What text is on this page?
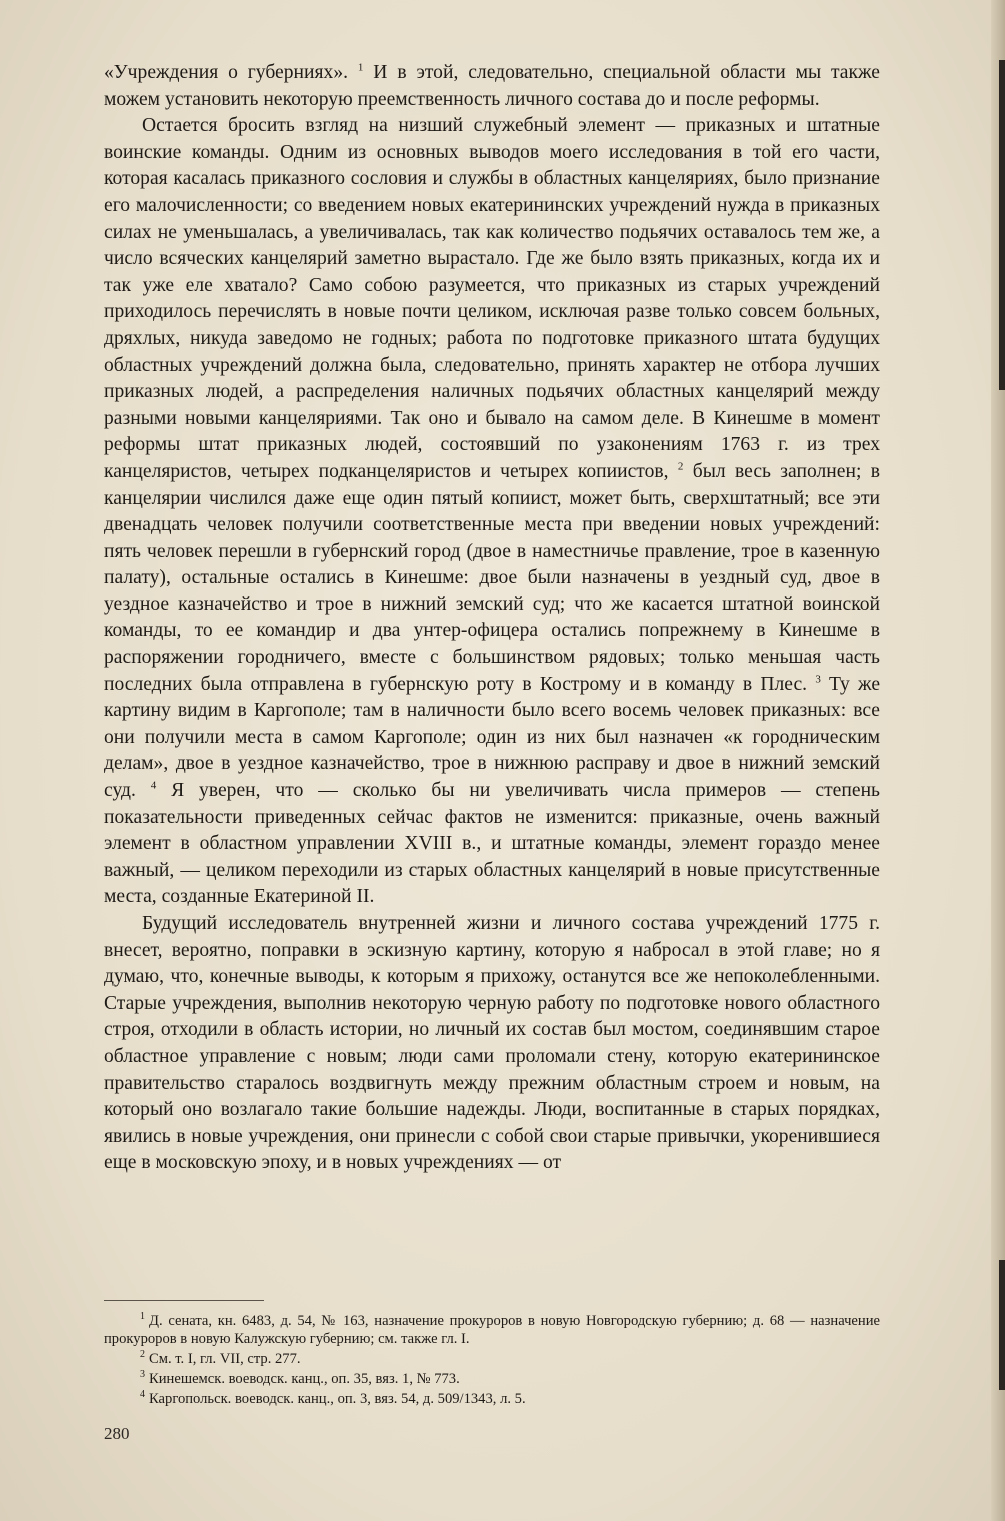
«Учреждения о губерниях». $^1$ И в этой, следовательно, специальной области мы также можем установить некоторую преемственность личного состава до и после реформы.

Остается бросить взгляд на низший служебный элемент — приказных и штатные воинские команды. Одним из основных выводов моего исследования в той его части, которая касалась приказного сословия и службы в областных канцеляриях, было признание его малочисленности; со введением новых екатерининских учреждений нужда в приказных силах не уменьшалась, а увеличивалась, так как количество подьячих оставалось тем же, а число всяческих канцелярий заметно вырастало. Где же было взять приказных, когда их и так уже еле хватало? Само собою разумеется, что приказных из старых учреждений приходилось перечислять в новые почти целиком, исключая разве только совсем больных, дряхлых, никуда заведомо не годных; работа по подготовке приказного штата будущих областных учреждений должна была, следовательно, принять характер не отбора лучших приказных людей, а распределения наличных подьячих областных канцелярий между разными новыми канцеляриями. Так оно и бывало на самом деле. В Кинешме в момент реформы штат приказных людей, состоявший по узаконениям 1763 г. из трех канцеляристов, четырех подканцеляристов и четырех копиистов, $^2$ был весь заполнен; в канцелярии числился даже еще один пятый копиист, может быть, сверхштатный; все эти двенадцать человек получили соответственные места при введении новых учреждений: пять человек перешли в губернский город (двое в наместничье правление, трое в казенную палату), остальные остались в Кинешме: двое были назначены в уездный суд, двое в уездное казначейство и трое в нижний земский суд; что же касается штатной воинской команды, то ее командир и два унтер-офицера остались попрежнему в Кинешме в распоряжении городничего, вместе с большинством рядовых; только меньшая часть последних была отправлена в губернскую роту в Кострому и в команду в Плес. $^3$ Ту же картину видим в Каргополе; там в наличности было всего восемь человек приказных: все они получили места в самом Каргополе; один из них был назначен «к городническим делам», двое в уездное казначейство, трое в нижнюю расправу и двое в нижний земский суд. $^4$ Я уверен, что — сколько бы ни увеличивать числа примеров — степень показательности приведенных сейчас фактов не изменится: приказные, очень важный элемент в областном управлении XVIII в., и штатные команды, элемент гораздо менее важный, — целиком переходили из старых областных канцелярий в новые присутственные места, созданные Екатериной II.

Будущий исследователь внутренней жизни и личного состава учреждений 1775 г. внесет, вероятно, поправки в эскизную картину, которую я набросал в этой главе; но я думаю, что, конечные выводы, к которым я прихожу, останутся все же непоколебленными. Старые учреждения, выполнив некоторую черную работу по подготовке нового областного строя, отходили в область истории, но личный их состав был мостом, соединявшим старое областное управление с новым; люди сами проломали стену, которую екатерининское правительство старалось воздвигнуть между прежним областным строем и новым, на который оно возлагало такие большие надежды. Люди, воспитанные в старых порядках, явились в новые учреждения, они принесли с собой свои старые привычки, укоренившиеся еще в московскую эпоху, и в новых учреждениях — от

$^1$ Д. сената, кн. 6483, д. 54, № 163, назначение прокуроров в новую Новгородскую губернию; д. 68 — назначение прокуроров в новую Калужскую губернию; см. также гл. I.
$^2$ См. т. I, гл. VII, стр. 277.
$^3$ Кинешемск. воеводск. канц., оп. 35, вяз. 1, № 773.
$^4$ Каргопольск. воеводск. канц., оп. 3, вяз. 54, д. 509/1343, л. 5.
280
